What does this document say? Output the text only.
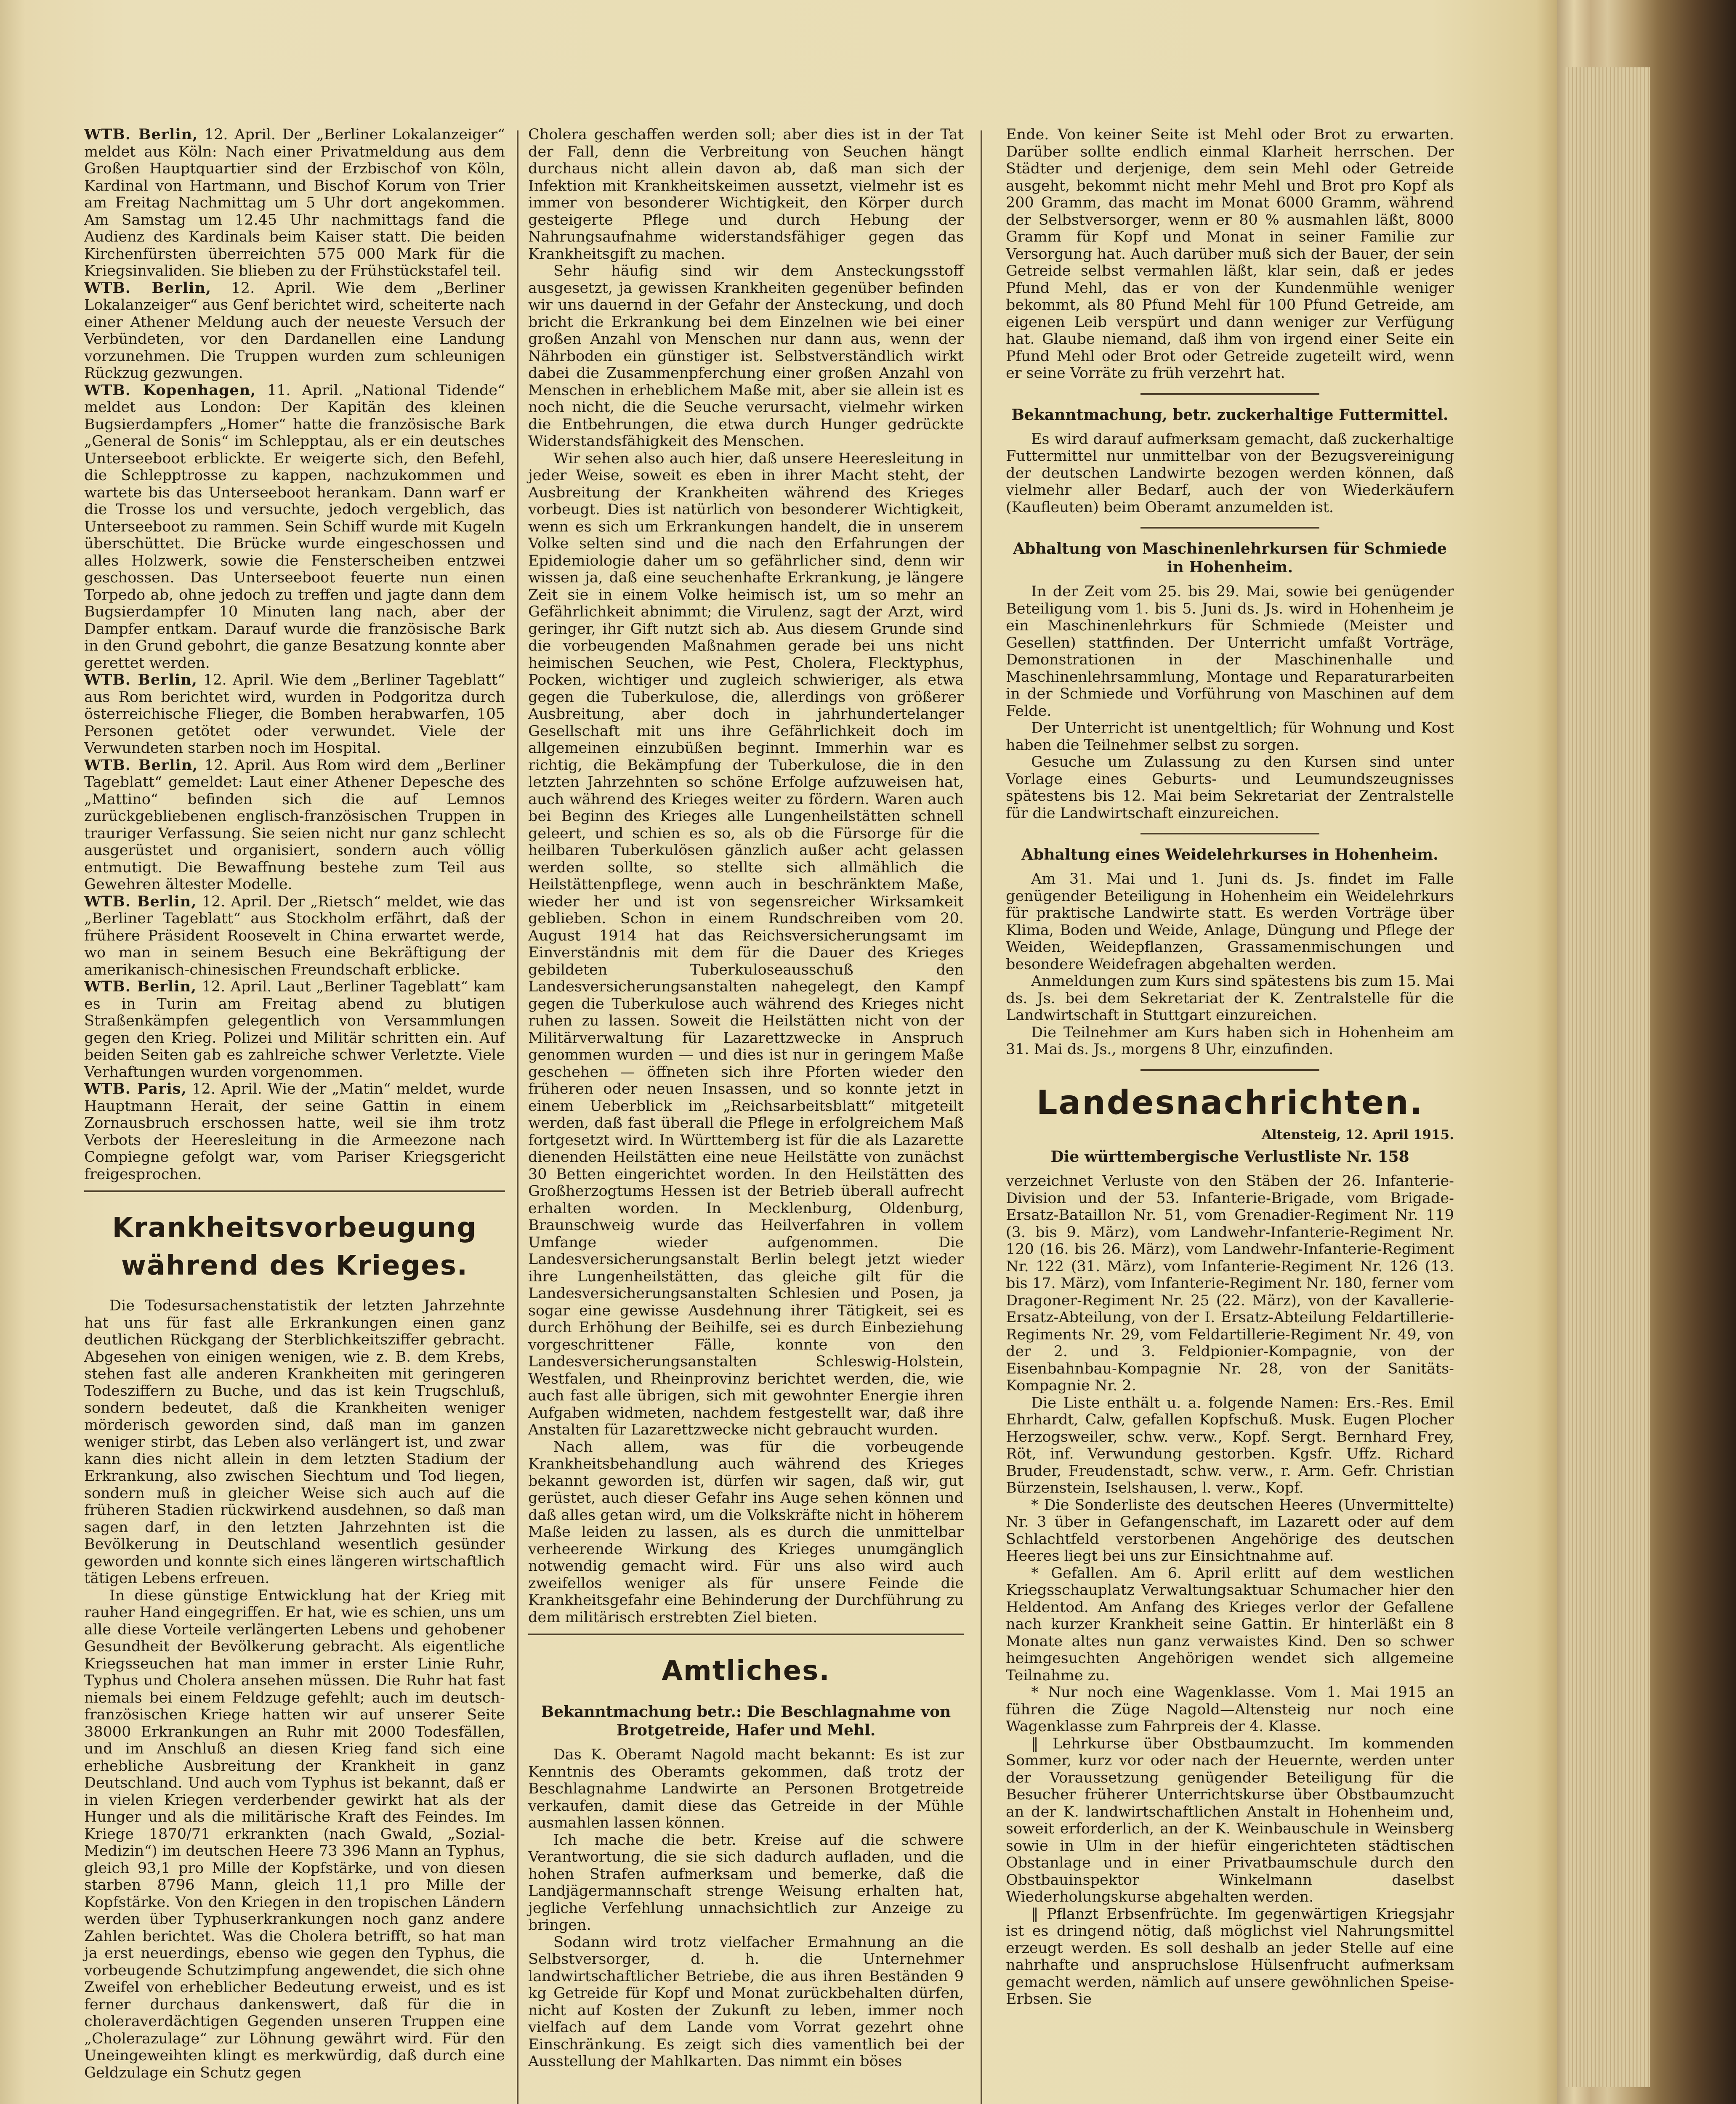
WTB. Berlin, 12. April. Der „Berliner Lokalanzeiger“ meldet aus Köln: Nach einer Privatmeldung aus dem Großen Hauptquartier sind der Erzbischof von Köln, Kardinal von Hartmann, und Bischof Korum von Trier am Freitag Nachmittag um 5 Uhr dort angekommen. Am Samstag um 12.45 Uhr nachmittags fand die Audienz des Kardinals beim Kaiser statt. Die beiden Kirchenfürsten überreichten 575 000 Mark für die Kriegsinvaliden. Sie blieben zu der Frühstückstafel teil.

WTB. Berlin, 12. April. Wie dem „Berliner Lokalanzeiger“ aus Genf berichtet wird, scheiterte nach einer Athener Meldung auch der neueste Versuch der Verbündeten, vor den Dardanellen eine Landung vorzunehmen. Die Truppen wurden zum schleunigen Rückzug gezwungen.

WTB. Kopenhagen, 11. April. „National Tidende“ meldet aus London: Der Kapitän des kleinen Bugsierdampfers „Homer“ hatte die französische Bark „General de Sonis“ im Schlepptau, als er ein deutsches Unterseeboot erblickte. Er weigerte sich, den Befehl, die Schlepptrosse zu kappen, nachzukommen und wartete bis das Unterseeboot herankam. Dann warf er die Trosse los und versuchte, jedoch vergeblich, das Unterseeboot zu rammen. Sein Schiff wurde mit Kugeln überschüttet. Die Brücke wurde eingeschossen und alles Holzwerk, sowie die Fensterscheiben entzwei geschossen. Das Unterseeboot feuerte nun einen Torpedo ab, ohne jedoch zu treffen und jagte dann dem Bugsierdampfer 10 Minuten lang nach, aber der Dampfer entkam. Darauf wurde die französische Bark in den Grund gebohrt, die ganze Besatzung konnte aber gerettet werden.

WTB. Berlin, 12. April. Wie dem „Berliner Tageblatt“ aus Rom berichtet wird, wurden in Podgoritza durch österreichische Flieger, die Bomben herabwarfen, 105 Personen getötet oder verwundet. Viele der Verwundeten starben noch im Hospital.

WTB. Berlin, 12. April. Aus Rom wird dem „Berliner Tageblatt“ gemeldet: Laut einer Athener Depesche des „Mattino“ befinden sich die auf Lemnos zurückgebliebenen englisch-französischen Truppen in trauriger Verfassung. Sie seien nicht nur ganz schlecht ausgerüstet und organisiert, sondern auch völlig entmutigt. Die Bewaffnung bestehe zum Teil aus Gewehren ältester Modelle.

WTB. Berlin, 12. April. Der „Rietsch“ meldet, wie das „Berliner Tageblatt“ aus Stockholm erfährt, daß der frühere Präsident Roosevelt in China erwartet werde, wo man in seinem Besuch eine Bekräftigung der amerikanisch-chinesischen Freundschaft erblicke.

WTB. Berlin, 12. April. Laut „Berliner Tageblatt“ kam es in Turin am Freitag abend zu blutigen Straßenkämpfen gelegentlich von Versammlungen gegen den Krieg. Polizei und Militär schritten ein. Auf beiden Seiten gab es zahlreiche schwer Verletzte. Viele Verhaftungen wurden vorgenommen.

WTB. Paris, 12. April. Wie der „Matin“ meldet, wurde Hauptmann Herait, der seine Gattin in einem Zornausbruch erschossen hatte, weil sie ihm trotz Verbots der Heeresleitung in die Armeezone nach Compiegne gefolgt war, vom Pariser Kriegsgericht freigesprochen.

Krankheitsvorbeugung während des Krieges.

Die Todesursachenstatistik der letzten Jahrzehnte hat uns für fast alle Erkrankungen einen ganz deutlichen Rückgang der Sterblichkeitsziffer gebracht. Abgesehen von einigen wenigen, wie z. B. dem Krebs, stehen fast alle anderen Krankheiten mit geringeren Todesziffern zu Buche, und das ist kein Trugschluß, sondern bedeutet, daß die Krankheiten weniger mörderisch geworden sind, daß man im ganzen weniger stirbt, das Leben also verlängert ist, und zwar kann dies nicht allein in dem letzten Stadium der Erkrankung, also zwischen Siechtum und Tod liegen, sondern muß in gleicher Weise sich auch auf die früheren Stadien rückwirkend ausdehnen, so daß man sagen darf, in den letzten Jahrzehnten ist die Bevölkerung in Deutschland wesentlich gesünder geworden und konnte sich eines längeren wirtschaftlich tätigen Lebens erfreuen.

In diese günstige Entwicklung hat der Krieg mit rauher Hand eingegriffen. Er hat, wie es schien, uns um alle diese Vorteile verlängerten Lebens und gehobener Gesundheit der Bevölkerung gebracht. Als eigentliche Kriegsseuchen hat man immer in erster Linie Ruhr, Typhus und Cholera ansehen müssen. Die Ruhr hat fast niemals bei einem Feldzuge gefehlt; auch im deutsch-französischen Kriege hatten wir auf unserer Seite 38000 Erkrankungen an Ruhr mit 2000 Todesfällen, und im Anschluß an diesen Krieg fand sich eine erhebliche Ausbreitung der Krankheit in ganz Deutschland. Und auch vom Typhus ist bekannt, daß er in vielen Kriegen verderbender gewirkt hat als der Hunger und als die militärische Kraft des Feindes. Im Kriege 1870/71 erkrankten (nach Gwald, „Sozial-Medizin“) im deutschen Heere 73 396 Mann an Typhus, gleich 93,1 pro Mille der Kopfstärke, und von diesen starben 8796 Mann, gleich 11,1 pro Mille der Kopfstärke. Von den Kriegen in den tropischen Ländern werden über Typhuserkrankungen noch ganz andere Zahlen berichtet. Was die Cholera betrifft, so hat man ja erst neuerdings, ebenso wie gegen den Typhus, die vorbeugende Schutzimpfung angewendet, die sich ohne Zweifel von erheblicher Bedeutung erweist, und es ist ferner durchaus dankenswert, daß für die in choleraverdächtigen Gegenden unseren Truppen eine „Cholerazulage“ zur Löhnung gewährt wird. Für den Uneingeweihten klingt es merkwürdig, daß durch eine Geldzulage ein Schutz gegen

Cholera geschaffen werden soll; aber dies ist in der Tat der Fall, denn die Verbreitung von Seuchen hängt durchaus nicht allein davon ab, daß man sich der Infektion mit Krankheitskeimen aussetzt, vielmehr ist es immer von besonderer Wichtigkeit, den Körper durch gesteigerte Pflege und durch Hebung der Nahrungsaufnahme widerstandsfähiger gegen das Krankheitsgift zu machen.

Sehr häufig sind wir dem Ansteckungsstoff ausgesetzt, ja gewissen Krankheiten gegenüber befinden wir uns dauernd in der Gefahr der Ansteckung, und doch bricht die Erkrankung bei dem Einzelnen wie bei einer großen Anzahl von Menschen nur dann aus, wenn der Nährboden ein günstiger ist. Selbstverständlich wirkt dabei die Zusammenpferchung einer großen Anzahl von Menschen in erheblichem Maße mit, aber sie allein ist es noch nicht, die die Seuche verursacht, vielmehr wirken die Entbehrungen, die etwa durch Hunger gedrückte Widerstandsfähigkeit des Menschen.

Wir sehen also auch hier, daß unsere Heeresleitung in jeder Weise, soweit es eben in ihrer Macht steht, der Ausbreitung der Krankheiten während des Krieges vorbeugt. Dies ist natürlich von besonderer Wichtigkeit, wenn es sich um Erkrankungen handelt, die in unserem Volke selten sind und die nach den Erfahrungen der Epidemiologie daher um so gefährlicher sind, denn wir wissen ja, daß eine seuchenhafte Erkrankung, je längere Zeit sie in einem Volke heimisch ist, um so mehr an Gefährlichkeit abnimmt; die Virulenz, sagt der Arzt, wird geringer, ihr Gift nutzt sich ab. Aus diesem Grunde sind die vorbeugenden Maßnahmen gerade bei uns nicht heimischen Seuchen, wie Pest, Cholera, Flecktyphus, Pocken, wichtiger und zugleich schwieriger, als etwa gegen die Tuberkulose, die, allerdings von größerer Ausbreitung, aber doch in jahrhundertelanger Gesellschaft mit uns ihre Gefährlichkeit doch im allgemeinen einzubüßen beginnt. Immerhin war es richtig, die Bekämpfung der Tuberkulose, die in den letzten Jahrzehnten so schöne Erfolge aufzuweisen hat, auch während des Krieges weiter zu fördern. Waren auch bei Beginn des Krieges alle Lungenheilstätten schnell geleert, und schien es so, als ob die Fürsorge für die heilbaren Tuberkulösen gänzlich außer acht gelassen werden sollte, so stellte sich allmählich die Heilstättenpflege, wenn auch in beschränktem Maße, wieder her und ist von segensreicher Wirksamkeit geblieben. Schon in einem Rundschreiben vom 20. August 1914 hat das Reichsversicherungsamt im Einverständnis mit dem für die Dauer des Krieges gebildeten Tuberkuloseausschuß den Landesversicherungsanstalten nahegelegt, den Kampf gegen die Tuberkulose auch während des Krieges nicht ruhen zu lassen. Soweit die Heilstätten nicht von der Militärverwaltung für Lazarettzwecke in Anspruch genommen wurden — und dies ist nur in geringem Maße geschehen — öffneten sich ihre Pforten wieder den früheren oder neuen Insassen, und so konnte jetzt in einem Ueberblick im „Reichsarbeitsblatt“ mitgeteilt werden, daß fast überall die Pflege in erfolgreichem Maß fortgesetzt wird. In Württemberg ist für die als Lazarette dienenden Heilstätten eine neue Heilstätte von zunächst 30 Betten eingerichtet worden. In den Heilstätten des Großherzogtums Hessen ist der Betrieb überall aufrecht erhalten worden. In Mecklenburg, Oldenburg, Braunschweig wurde das Heilverfahren in vollem Umfange wieder aufgenommen. Die Landesversicherungsanstalt Berlin belegt jetzt wieder ihre Lungenheilstätten, das gleiche gilt für die Landesversicherungsanstalten Schlesien und Posen, ja sogar eine gewisse Ausdehnung ihrer Tätigkeit, sei es durch Erhöhung der Beihilfe, sei es durch Einbeziehung vorgeschrittener Fälle, konnte von den Landesversicherungsanstalten Schleswig-Holstein, Westfalen, und Rheinprovinz berichtet werden, die, wie auch fast alle übrigen, sich mit gewohnter Energie ihren Aufgaben widmeten, nachdem festgestellt war, daß ihre Anstalten für Lazarettzwecke nicht gebraucht wurden.

Nach allem, was für die vorbeugende Krankheitsbehandlung auch während des Krieges bekannt geworden ist, dürfen wir sagen, daß wir, gut gerüstet, auch dieser Gefahr ins Auge sehen können und daß alles getan wird, um die Volkskräfte nicht in höherem Maße leiden zu lassen, als es durch die unmittelbar verheerende Wirkung des Krieges unumgänglich notwendig gemacht wird. Für uns also wird auch zweifellos weniger als für unsere Feinde die Krankheitsgefahr eine Behinderung der Durchführung zu dem militärisch erstrebten Ziel bieten.

Amtliches.
Bekanntmachung betr.: Die Beschlagnahme von Brotgetreide, Hafer und Mehl.

Das K. Oberamt Nagold macht bekannt: Es ist zur Kenntnis des Oberamts gekommen, daß trotz der Beschlagnahme Landwirte an Personen Brotgetreide verkaufen, damit diese das Getreide in der Mühle ausmahlen lassen können.

Ich mache die betr. Kreise auf die schwere Verantwortung, die sie sich dadurch aufladen, und die hohen Strafen aufmerksam und bemerke, daß die Landjägermannschaft strenge Weisung erhalten hat, jegliche Verfehlung unnachsichtlich zur Anzeige zu bringen.

Sodann wird trotz vielfacher Ermahnung an die Selbstversorger, d. h. die Unternehmer landwirtschaftlicher Betriebe, die aus ihren Beständen 9 kg Getreide für Kopf und Monat zurückbehalten dürfen, nicht auf Kosten der Zukunft zu leben, immer noch vielfach auf dem Lande vom Vorrat gezehrt ohne Einschränkung. Es zeigt sich dies vamentlich bei der Ausstellung der Mahlkarten. Das nimmt ein böses

Ende. Von keiner Seite ist Mehl oder Brot zu erwarten. Darüber sollte endlich einmal Klarheit herrschen. Der Städter und derjenige, dem sein Mehl oder Getreide ausgeht, bekommt nicht mehr Mehl und Brot pro Kopf als 200 Gramm, das macht im Monat 6000 Gramm, während der Selbstversorger, wenn er 80 % ausmahlen läßt, 8000 Gramm für Kopf und Monat in seiner Familie zur Versorgung hat. Auch darüber muß sich der Bauer, der sein Getreide selbst vermahlen läßt, klar sein, daß er jedes Pfund Mehl, das er von der Kundenmühle weniger bekommt, als 80 Pfund Mehl für 100 Pfund Getreide, am eigenen Leib verspürt und dann weniger zur Verfügung hat. Glaube niemand, daß ihm von irgend einer Seite ein Pfund Mehl oder Brot oder Getreide zugeteilt wird, wenn er seine Vorräte zu früh verzehrt hat.

Bekanntmachung, betr. zuckerhaltige Futtermittel.

Es wird darauf aufmerksam gemacht, daß zuckerhaltige Futtermittel nur unmittelbar von der Bezugsvereinigung der deutschen Landwirte bezogen werden können, daß vielmehr aller Bedarf, auch der von Wiederkäufern (Kaufleuten) beim Oberamt anzumelden ist.

Abhaltung von Maschinenlehrkursen für Schmiede in Hohenheim.

In der Zeit vom 25. bis 29. Mai, sowie bei genügender Beteiligung vom 1. bis 5. Juni ds. Js. wird in Hohenheim je ein Maschinenlehrkurs für Schmiede (Meister und Gesellen) stattfinden. Der Unterricht umfaßt Vorträge, Demonstrationen in der Maschinenhalle und Maschinenlehrsammlung, Montage und Reparaturarbeiten in der Schmiede und Vorführung von Maschinen auf dem Felde.

Der Unterricht ist unentgeltlich; für Wohnung und Kost haben die Teilnehmer selbst zu sorgen.

Gesuche um Zulassung zu den Kursen sind unter Vorlage eines Geburts- und Leumundszeugnisses spätestens bis 12. Mai beim Sekretariat der Zentralstelle für die Landwirtschaft einzureichen.

Abhaltung eines Weidelehrkurses in Hohenheim.

Am 31. Mai und 1. Juni ds. Js. findet im Falle genügender Beteiligung in Hohenheim ein Weidelehrkurs für praktische Landwirte statt. Es werden Vorträge über Klima, Boden und Weide, Anlage, Düngung und Pflege der Weiden, Weidepflanzen, Grassamenmischungen und besondere Weidefragen abgehalten werden.

Anmeldungen zum Kurs sind spätestens bis zum 15. Mai ds. Js. bei dem Sekretariat der K. Zentralstelle für die Landwirtschaft in Stuttgart einzureichen.

Die Teilnehmer am Kurs haben sich in Hohenheim am 31. Mai ds. Js., morgens 8 Uhr, einzufinden.

Landesnachrichten.
Altensteig, 12. April 1915.
Die württembergische Verlustliste Nr. 158

verzeichnet Verluste von den Stäben der 26. Infanterie-Division und der 53. Infanterie-Brigade, vom Brigade-Ersatz-Bataillon Nr. 51, vom Grenadier-Regiment Nr. 119 (3. bis 9. März), vom Landwehr-Infanterie-Regiment Nr. 120 (16. bis 26. März), vom Landwehr-Infanterie-Regiment Nr. 122 (31. März), vom Infanterie-Regiment Nr. 126 (13. bis 17. März), vom Infanterie-Regiment Nr. 180, ferner vom Dragoner-Regiment Nr. 25 (22. März), von der Kavallerie-Ersatz-Abteilung, von der I. Ersatz-Abteilung Feldartillerie-Regiments Nr. 29, vom Feldartillerie-Regiment Nr. 49, von der 2. und 3. Feldpionier-Kompagnie, von der Eisenbahnbau-Kompagnie Nr. 28, von der Sanitäts-Kompagnie Nr. 2.

Die Liste enthält u. a. folgende Namen: Ers.-Res. Emil Ehrhardt, Calw, gefallen Kopfschuß. Musk. Eugen Plocher Herzogsweiler, schw. verw., Kopf. Sergt. Bernhard Frey, Röt, inf. Verwundung gestorben. Kgsfr. Uffz. Richard Bruder, Freudenstadt, schw. verw., r. Arm. Gefr. Christian Bürzenstein, Iselshausen, l. verw., Kopf.

* Die Sonderliste des deutschen Heeres (Unvermittelte) Nr. 3 über in Gefangenschaft, im Lazarett oder auf dem Schlachtfeld verstorbenen Angehörige des deutschen Heeres liegt bei uns zur Einsichtnahme auf.

* Gefallen. Am 6. April erlitt auf dem westlichen Kriegsschauplatz Verwaltungsaktuar Schumacher hier den Heldentod. Am Anfang des Krieges verlor der Gefallene nach kurzer Krankheit seine Gattin. Er hinterläßt ein 8 Monate altes nun ganz verwaistes Kind. Den so schwer heimgesuchten Angehörigen wendet sich allgemeine Teilnahme zu.

* Nur noch eine Wagenklasse. Vom 1. Mai 1915 an führen die Züge Nagold—Altensteig nur noch eine Wagenklasse zum Fahrpreis der 4. Klasse.

‖ Lehrkurse über Obstbaumzucht. Im kommenden Sommer, kurz vor oder nach der Heuernte, werden unter der Voraussetzung genügender Beteiligung für die Besucher früherer Unterrichtskurse über Obstbaumzucht an der K. landwirtschaftlichen Anstalt in Hohenheim und, soweit erforderlich, an der K. Weinbauschule in Weinsberg sowie in Ulm in der hiefür eingerichteten städtischen Obstanlage und in einer Privatbaumschule durch den Obstbauinspektor Winkelmann daselbst Wiederholungskurse abgehalten werden.

‖ Pflanzt Erbsenfrüchte. Im gegenwärtigen Kriegsjahr ist es dringend nötig, daß möglichst viel Nahrungsmittel erzeugt werden. Es soll deshalb an jeder Stelle auf eine nahrhafte und anspruchslose Hülsenfrucht aufmerksam gemacht werden, nämlich auf unsere gewöhnlichen Speise-Erbsen. Sie
